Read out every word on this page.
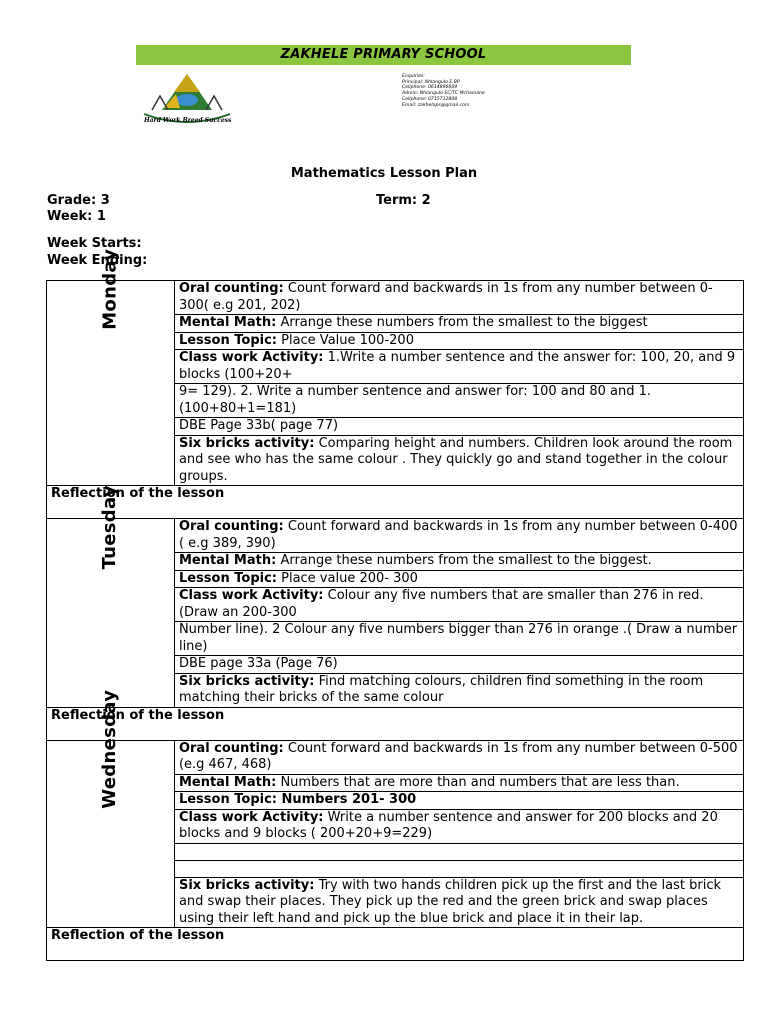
ZAKHELE PRIMARY SCHOOL
Hard Work Breed Success
Enquiries:
Principal: Nhlangulo E.BP
Cellphone: 0614896609
Admin: Nhlangulo EC/TC Mchamane
Cellphone: 0715712808
Email: zakhelaps@gmail.com
Mathematics Lesson Plan
Grade: 3	Term: 2
Week: 1
Week Starts:
Week Ending:
Monday	Oral counting: Count forward and backwards in 1s from any number between 0- 300( e.g 201, 202)
	Mental Math: Arrange these numbers from the smallest to the biggest
	Lesson Topic: Place Value 100-200
	Class work Activity: 1.Write a number sentence and the answer for: 100, 20, and 9 blocks (100+20+
	9= 129). 2. Write a number sentence and answer for: 100 and 80 and 1. (100+80+1=181)
	DBE Page 33b( page 77)
	Six bricks activity: Comparing height and numbers. Children look around the room and see who has the same colour . They quickly go and stand together in the colour groups.
Reflection of the lesson	
Tuesday	Oral counting: Count forward and backwards in 1s from any number between 0-400 ( e.g 389, 390)
	Mental Math: Arrange these numbers from the smallest to the biggest.
	Lesson Topic: Place value 200- 300
	Class work Activity: Colour any five numbers that are smaller than 276 in red. (Draw an 200-300
	Number line). 2 Colour any five numbers bigger than 276 in orange .( Draw a number line)
	DBE page 33a (Page 76)
	Six bricks activity: Find matching colours, children find something in the room matching their bricks of the same colour
Reflection of the lesson	
Wednesday	Oral counting: Count forward and backwards in 1s from any number between 0-500 (e.g 467, 468)
	Mental Math: Numbers that are more than and numbers that are less than.
	Lesson Topic: Numbers 201- 300
	Class work Activity: Write a number sentence and answer for 200 blocks and 20 blocks and 9 blocks ( 200+20+9=229)

	Six bricks activity: Try with two hands children pick up the first and the last brick and swap their places. They pick up the red and the green brick and swap places using their left hand and pick up the blue brick and place it in their lap.
Reflection of the lesson	
